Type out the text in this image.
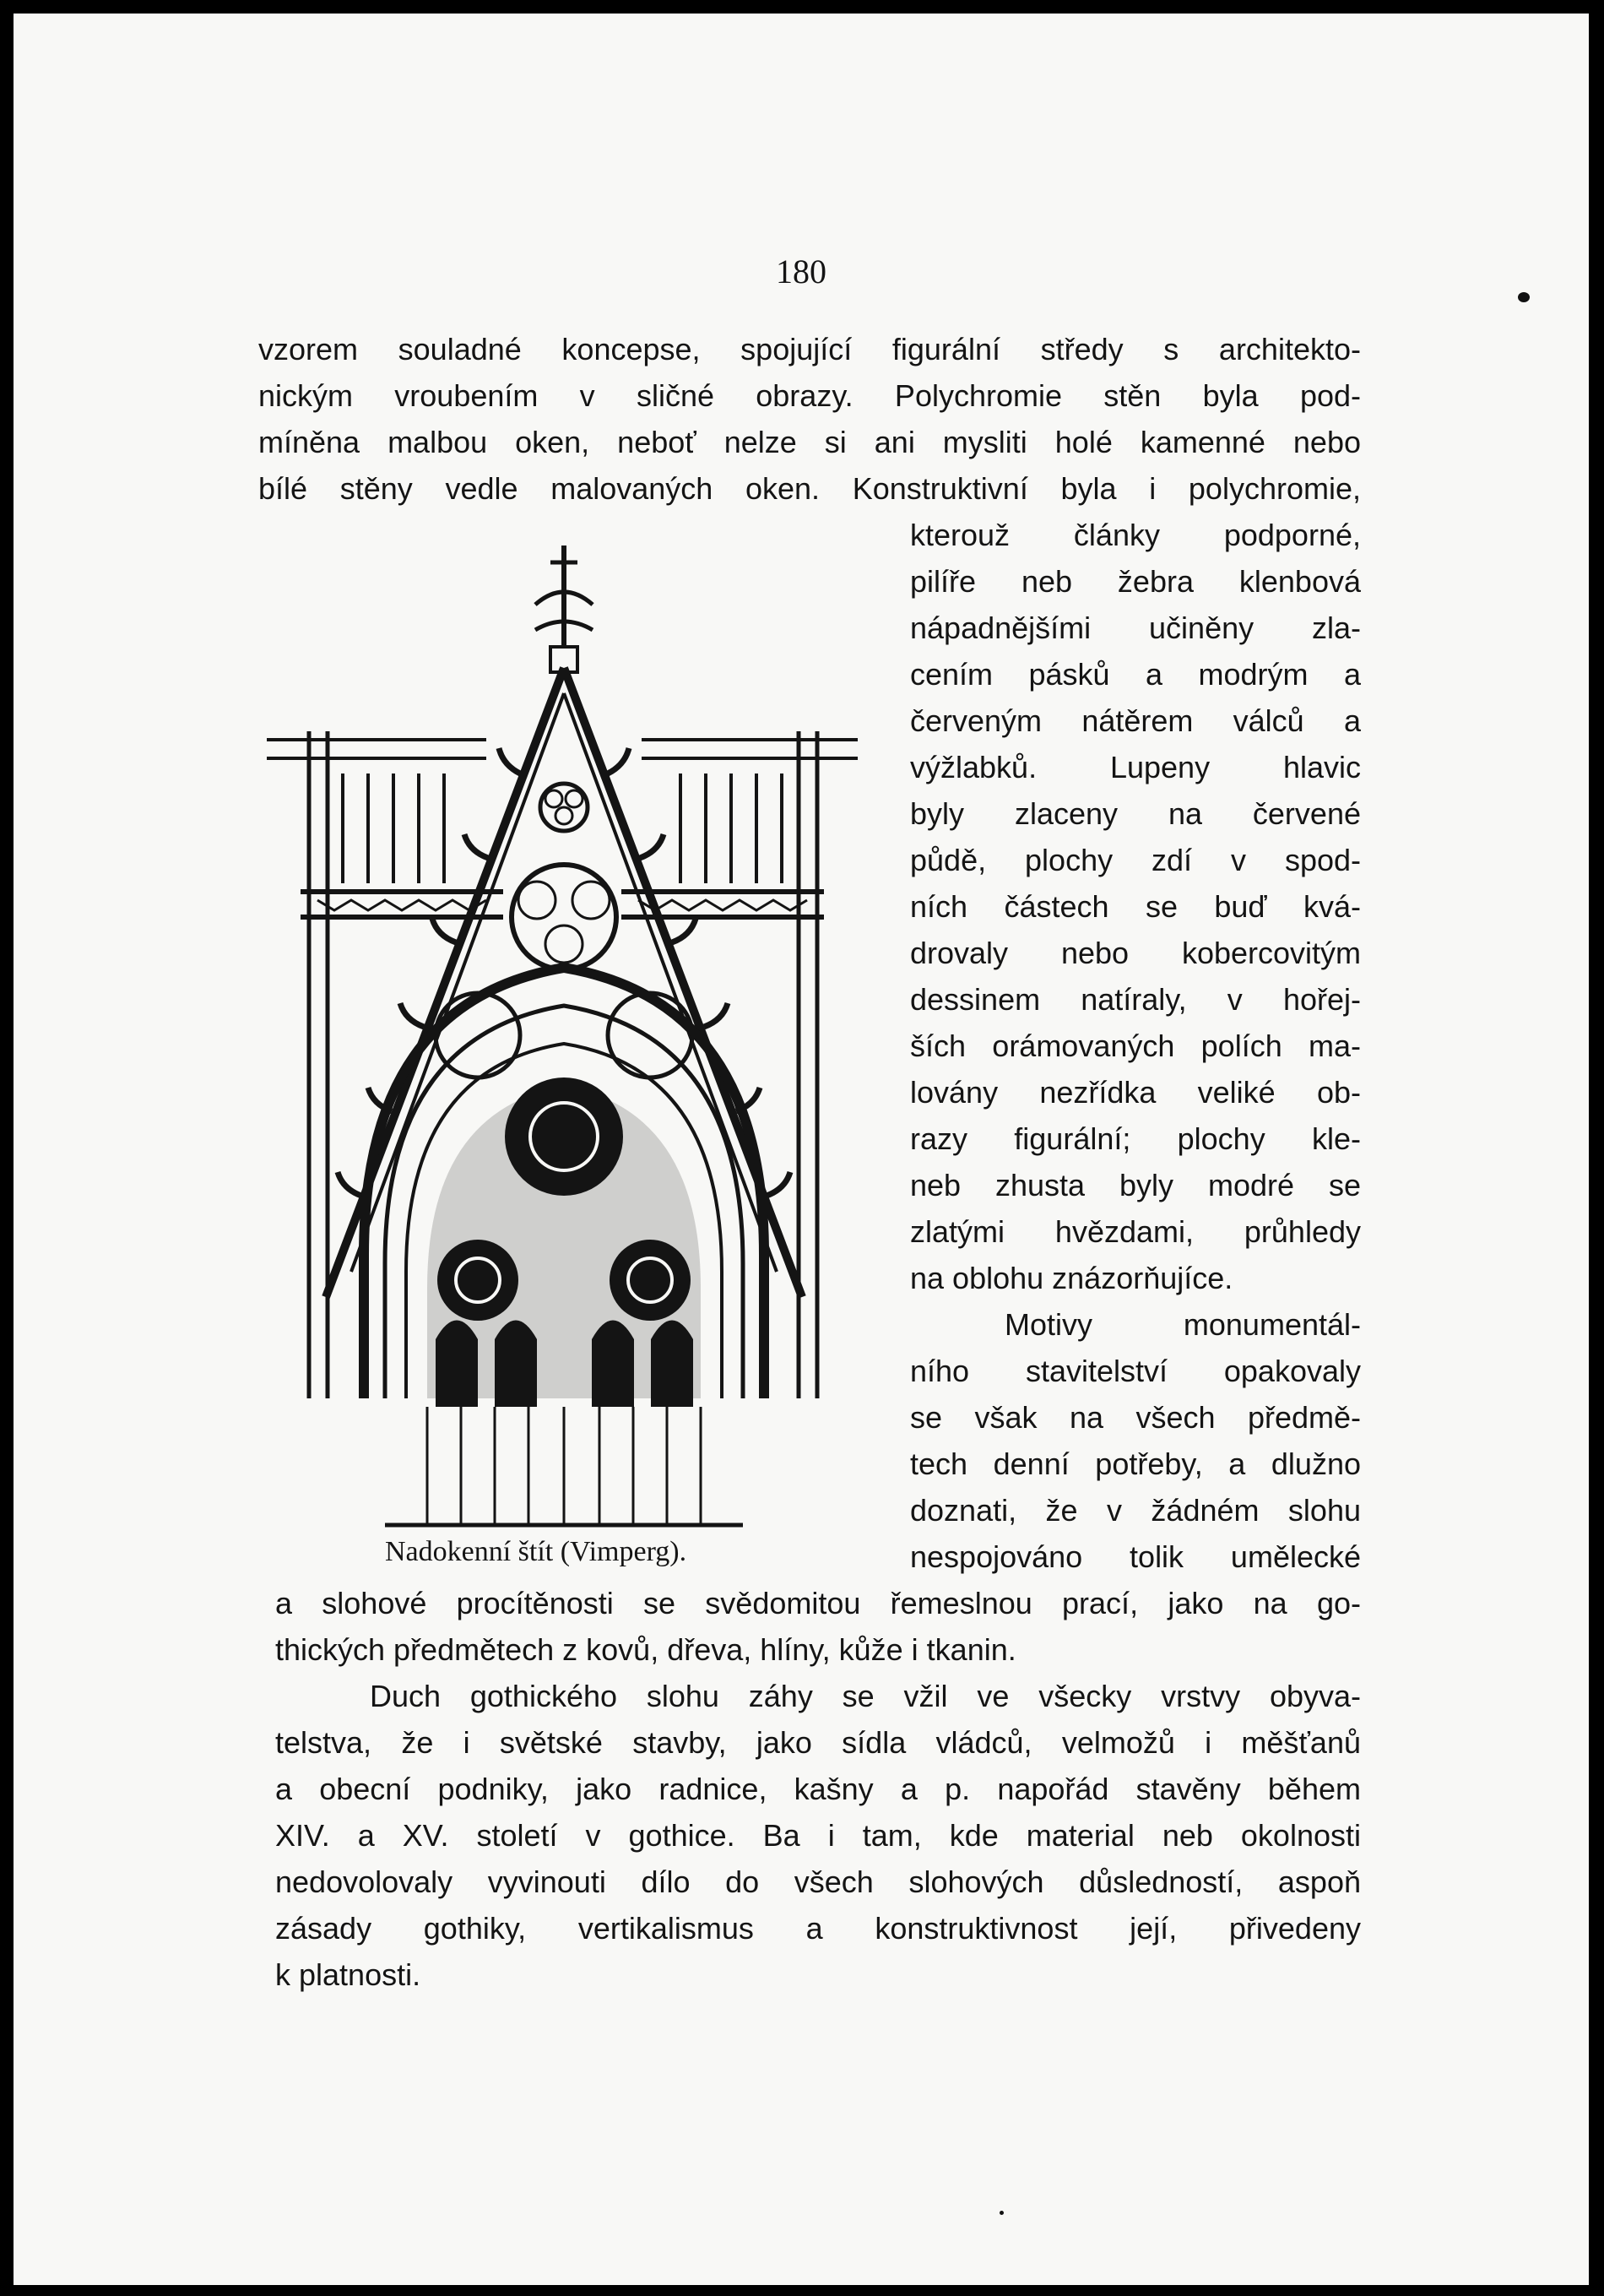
180

vzorem souladné koncepse, spojující figurální středy s architekto-

nickým vroubením v sličné obrazy. Polychromie stěn byla pod-

míněna malbou oken, neboť nelze si ani mysliti holé kamenné nebo

bílé stěny vedle malovaných oken. Konstruktivní byla i polychromie,

kterouž články podporné,

pilíře neb žebra klenbová

nápadnějšími učiněny zla-

cením pásků a modrým a

červeným nátěrem válců a

výžlabků. Lupeny hlavic

byly zlaceny na červené

půdě, plochy zdí v spod-

ních částech se buď kvá-

drovaly nebo kobercovitým

dessinem natíraly, v hořej-

ších orámovaných polích ma-

lovány nezřídka veliké ob-

razy figurální; plochy kle-

neb zhusta byly modré se

zlatými hvězdami, průhledy

na oblohu znázorňujíce.

Motivy monumentál-

ního stavitelství opakovaly

se však na všech předmě-

tech denní potřeby, a dlužno

doznati, že v žádném slohu

nespojováno tolik umělecké

a slohové procítěnosti se svědomitou řemeslnou prací, jako na go-

thických předmětech z kovů, dřeva, hlíny, kůže i tkanin.

Duch gothického slohu záhy se vžil ve všecky vrstvy obyva-

telstva, že i světské stavby, jako sídla vládců, velmožů i měšťanů

a obecní podniky, jako radnice, kašny a p. napořád stavěny během

XIV. a XV. století v gothice. Ba i tam, kde material neb okolnosti

nedovolovaly vyvinouti dílo do všech slohových důsledností, aspoň

zásady gothiky, vertikalismus a konstruktivnost její, přivedeny

k platnosti.

Nadokenní štít (Vimperg).
